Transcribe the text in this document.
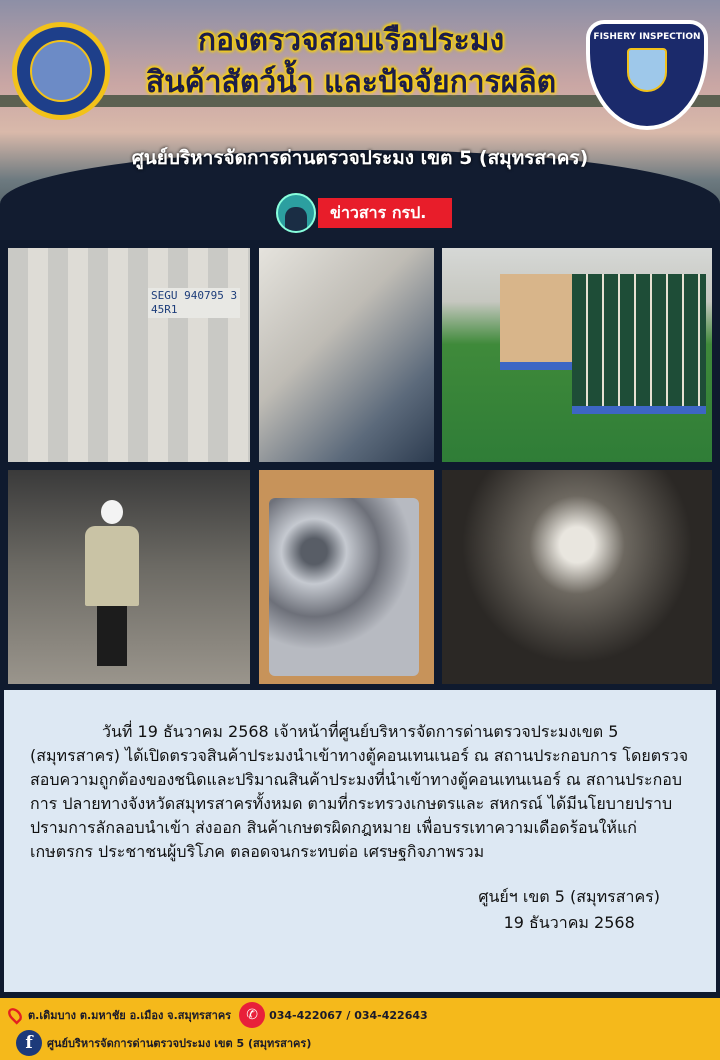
FISHERY INSPECTION
กองตรวจสอบเรือประมง
สินค้าสัตว์น้ำ และปัจจัยการผลิต
ศูนย์บริหารจัดการด่านตรวจประมง เขต 5 (สมุทรสาคร)
ข่าวสาร กรป.
SEGU 940795 3
45R1
วันที่ 19 ธันวาคม 2568 เจ้าหน้าที่ศูนย์บริหารจัดการด่านตรวจประมงเขต 5 (สมุทรสาคร) ได้เปิดตรวจสินค้าประมงนำเข้าทางตู้คอนเทนเนอร์ ณ สถานประกอบการ โดยตรวจสอบความถูกต้องของชนิดและปริมาณสินค้าประมงที่นำเข้าทางตู้คอนเทนเนอร์ ณ สถานประกอบการ ปลายทางจังหวัดสมุทรสาครทั้งหมด ตามที่กระทรวงเกษตรและ สหกรณ์ ได้มีนโยบายปราบปรามการลักลอบนำเข้า ส่งออก สินค้าเกษตรผิดกฎหมาย เพื่อบรรเทาความเดือดร้อนให้แก่เกษตรกร ประชาชนผู้บริโภค ตลอดจนกระทบต่อ เศรษฐกิจภาพรวม
ศูนย์ฯ เขต 5 (สมุทรสาคร)
19 ธันวาคม 2568
ต.เดิมบาง ต.มหาชัย อ.เมือง จ.สมุทรสาคร	✆	034-422067 / 034-422643
f	ศูนย์บริหารจัดการด่านตรวจประมง เขต 5 (สมุทรสาคร)
